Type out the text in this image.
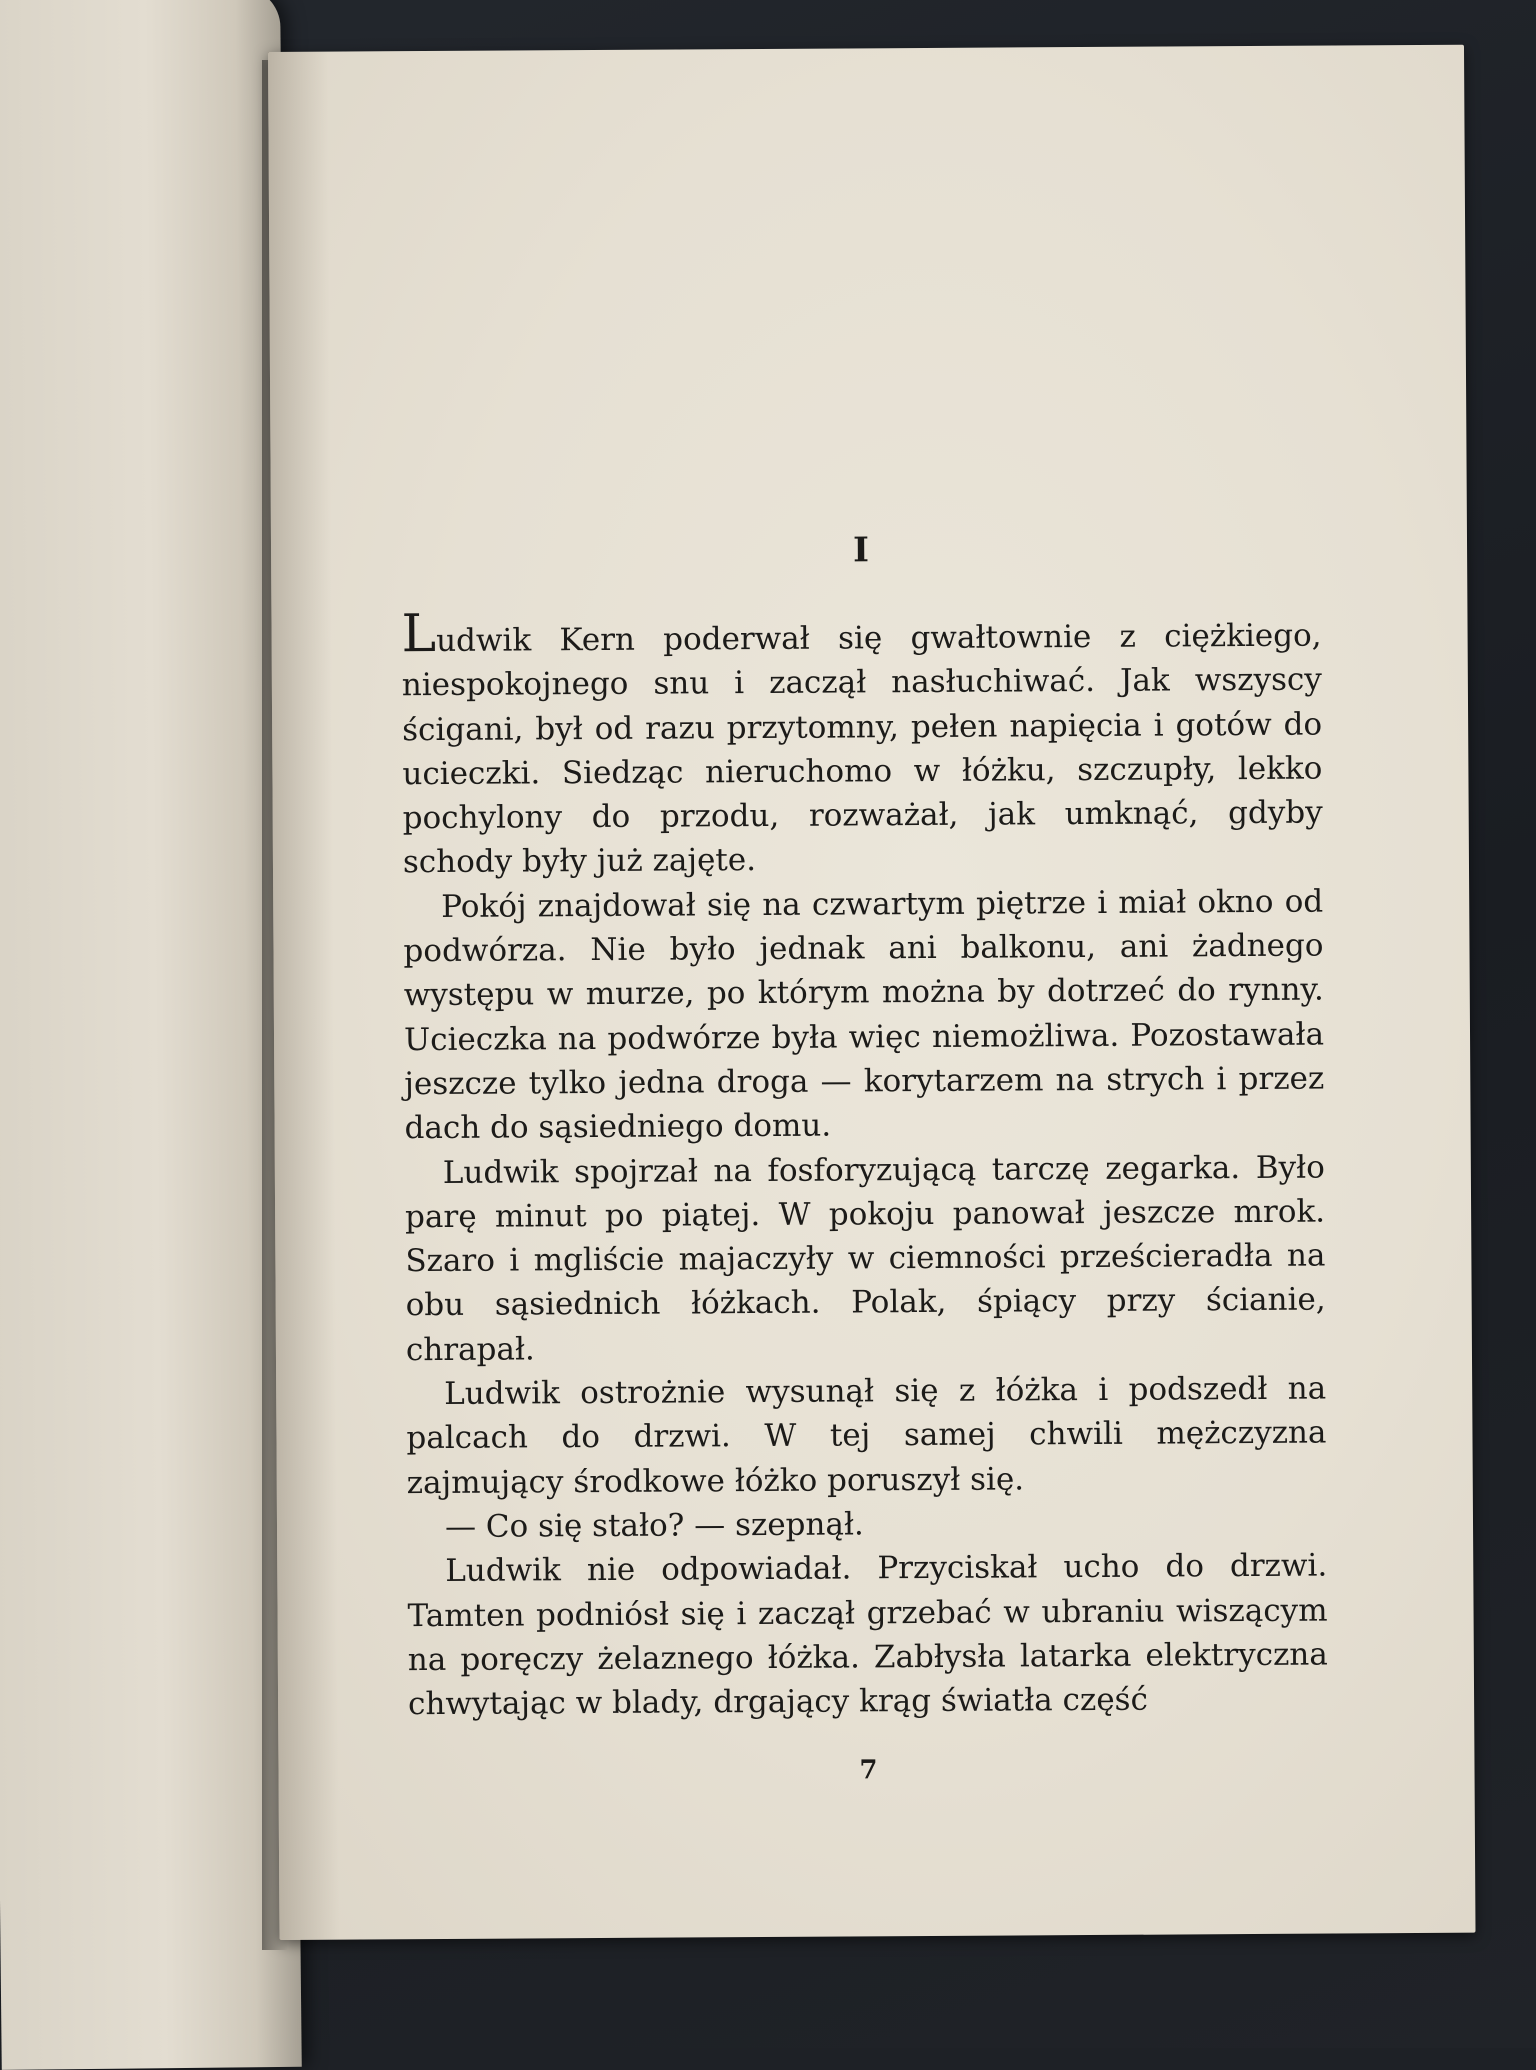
I

Ludwik Kern poderwał się gwałtownie z ciężkiego, niespokojnego snu i zaczął nasłuchiwać. Jak wszyscy ścigani, był od razu przytomny, pełen napięcia i gotów do ucieczki. Siedząc nieruchomo w łóżku, szczupły, lekko pochylony do przodu, rozważał, jak umknąć, gdyby schody były już zajęte.

Pokój znajdował się na czwartym piętrze i miał okno od podwórza. Nie było jednak ani balkonu, ani żadnego występu w murze, po którym można by dotrzeć do rynny. Ucieczka na podwórze była więc niemożliwa. Pozostawała jeszcze tylko jedna droga — korytarzem na strych i przez dach do sąsiedniego domu.

Ludwik spojrzał na fosforyzującą tarczę zegarka. Było parę minut po piątej. W pokoju panował jeszcze mrok. Szaro i mgliście majaczyły w ciemności prześcieradła na obu sąsiednich łóżkach. Polak, śpiący przy ścianie, chrapał.

Ludwik ostrożnie wysunął się z łóżka i podszedł na palcach do drzwi. W tej samej chwili mężczyzna zajmujący środkowe łóżko poruszył się.

— Co się stało? — szepnął.

Ludwik nie odpowiadał. Przyciskał ucho do drzwi. Tamten podniósł się i zaczął grzebać w ubraniu wiszącym na poręczy żelaznego łóżka. Zabłysła latarka elektryczna chwytając w blady, drgający krąg światła część

7
